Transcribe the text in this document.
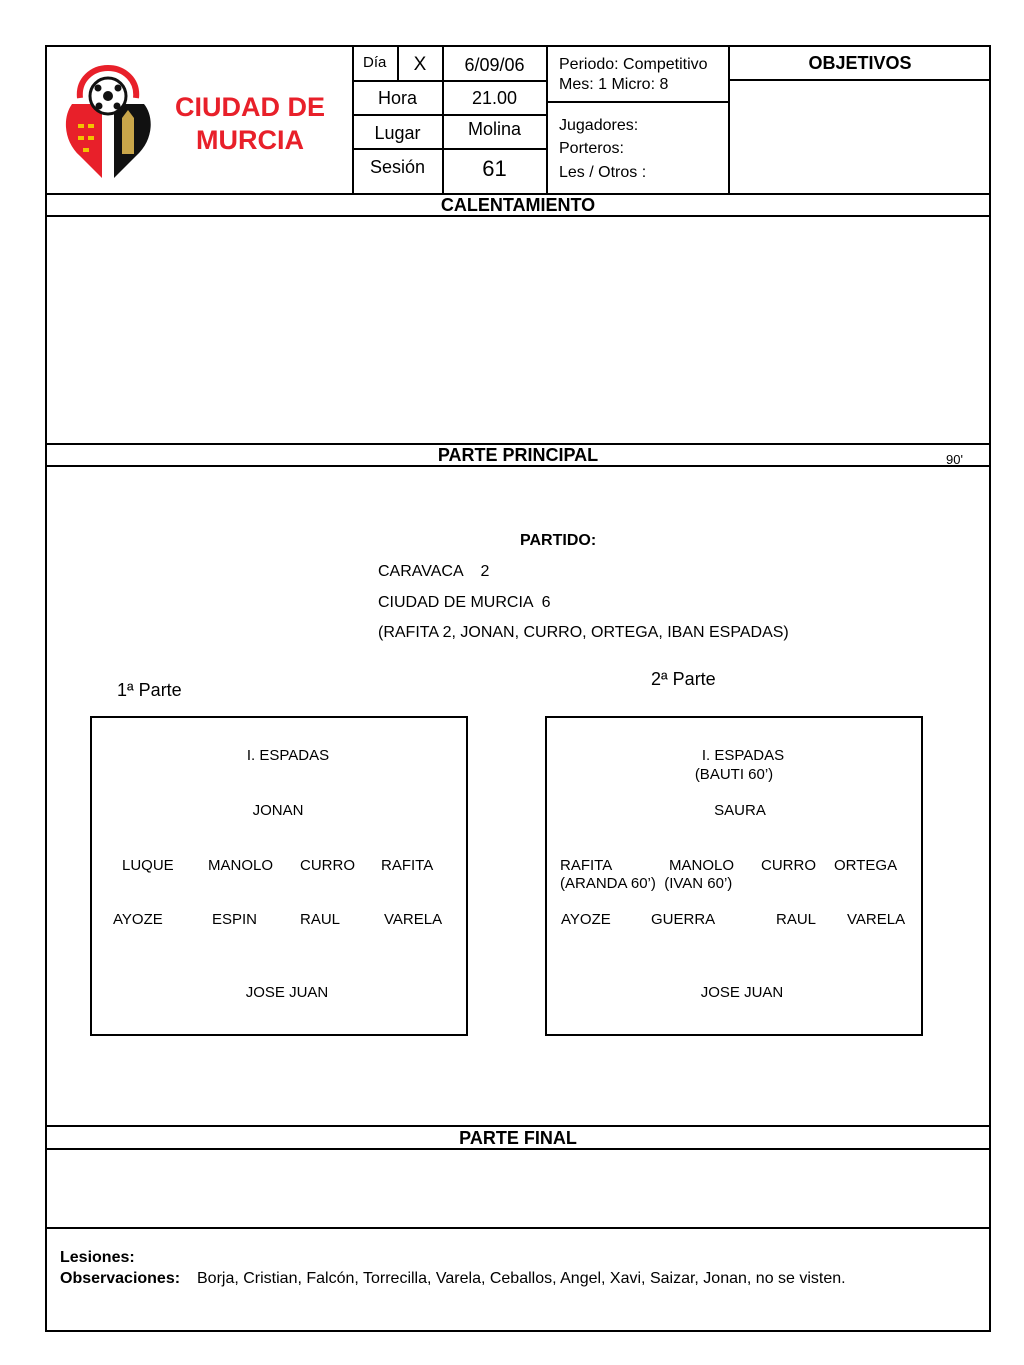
CIUDAD DE
MURCIA
Día	X	6/09/06
Hora	21.00
Lugar	Molina
Sesión	61
Periodo: Competitivo
Mes: 1 Micro: 8
Jugadores:
Porteros:
Les / Otros :
OBJETIVOS
CALENTAMIENTO
PARTE PRINCIPAL	90'
PARTIDO:
CARAVACA    2
CIUDAD DE MURCIA  6
(RAFITA 2, JONAN, CURRO, ORTEGA, IBAN ESPADAS)
1ª Parte
2ª Parte
I. ESPADAS
JONAN
LUQUE MANOLO CURRO RAFITA
AYOZE	ESPIN	RAUL	VARELA
JOSE JUAN
I. ESPADAS
(BAUTI 60’)
SAURA
RAFITA	MANOLO CURRO ORTEGA
(ARANDA 60’)  (IVAN 60’)
AYOZE	GUERRA	RAUL VARELA
JOSE JUAN
PARTE FINAL
Lesiones:
Observaciones: Borja, Cristian, Falcón, Torrecilla, Varela, Ceballos, Angel, Xavi, Saizar, Jonan, no se visten.
